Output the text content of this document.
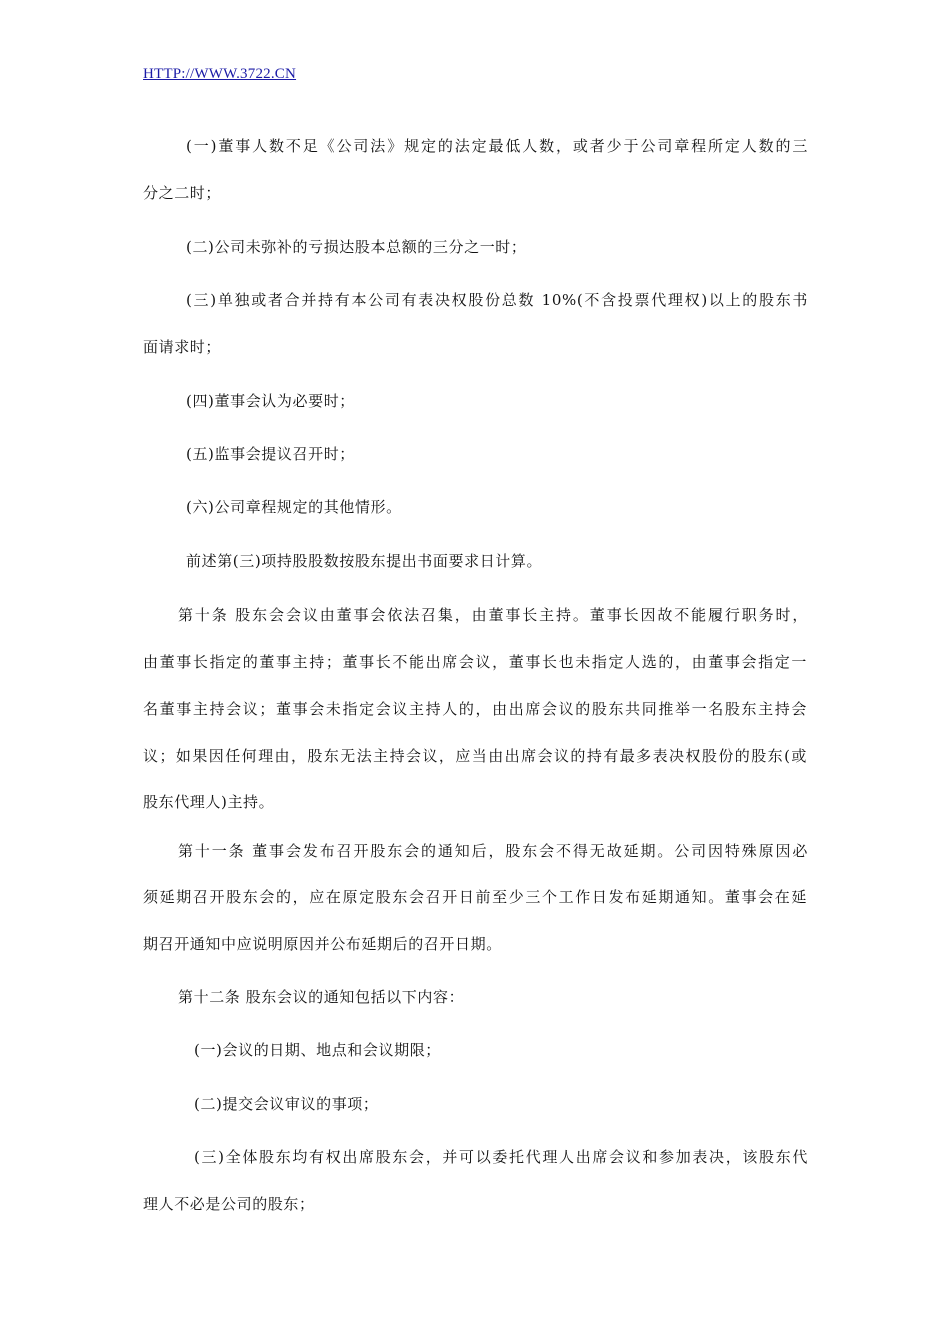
HTTP://WWW.3722.CN
(一)董事人数不足《公司法》规定的法定最低人数，或者少于公司章程所定人数的三
分之二时；
(二)公司未弥补的亏损达股本总额的三分之一时；
(三)单独或者合并持有本公司有表决权股份总数 10%(不含投票代理权)以上的股东书
面请求时；
(四)董事会认为必要时；
(五)监事会提议召开时；
(六)公司章程规定的其他情形。
前述第(三)项持股股数按股东提出书面要求日计算。
第十条 股东会会议由董事会依法召集，由董事长主持。董事长因故不能履行职务时，
由董事长指定的董事主持；董事长不能出席会议，董事长也未指定人选的，由董事会指定一
名董事主持会议；董事会未指定会议主持人的，由出席会议的股东共同推举一名股东主持会
议；如果因任何理由，股东无法主持会议，应当由出席会议的持有最多表决权股份的股东(或
股东代理人)主持。
第十一条 董事会发布召开股东会的通知后，股东会不得无故延期。公司因特殊原因必
须延期召开股东会的，应在原定股东会召开日前至少三个工作日发布延期通知。董事会在延
期召开通知中应说明原因并公布延期后的召开日期。
第十二条 股东会议的通知包括以下内容：
(一)会议的日期、地点和会议期限；
(二)提交会议审议的事项；
(三)全体股东均有权出席股东会，并可以委托代理人出席会议和参加表决，该股东代
理人不必是公司的股东；
